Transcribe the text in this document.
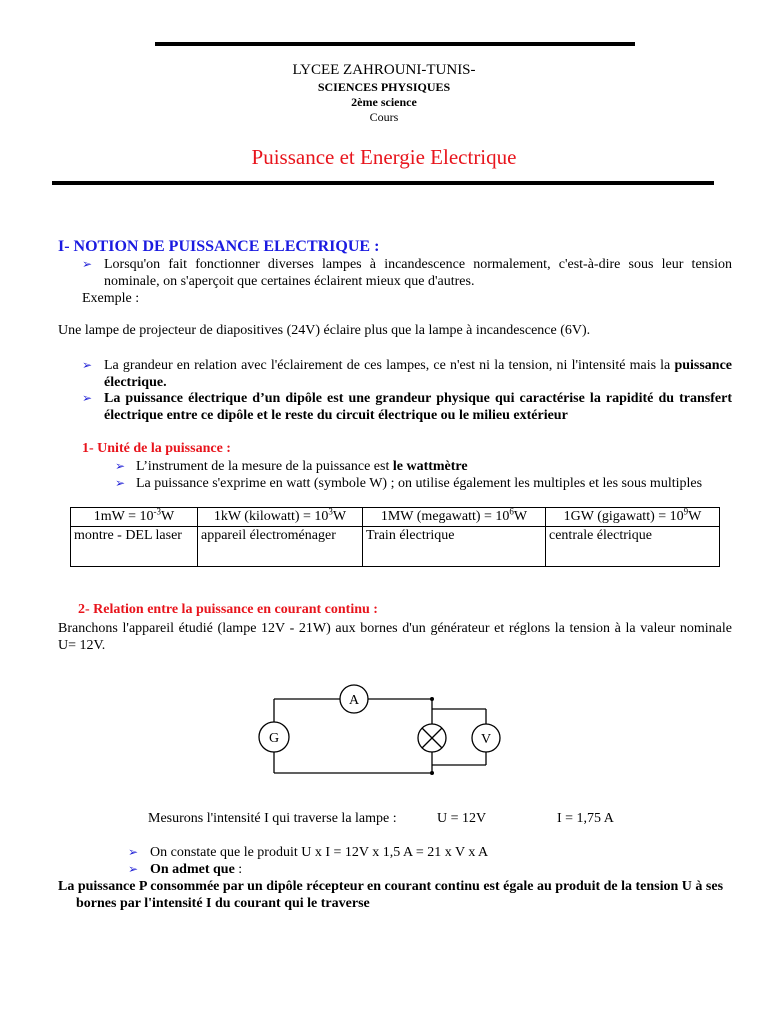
LYCEE ZAHROUNI-TUNIS-
SCIENCES PHYSIQUES
2ème science
Cours
Puissance et Energie Electrique
I- NOTION DE PUISSANCE ELECTRIQUE :
➢ Lorsqu'on fait fonctionner diverses lampes à incandescence normalement, c'est-à-dire sous leur tension nominale, on s'aperçoit que certaines éclairent mieux que d'autres.
Exemple :
Une lampe de projecteur de diapositives (24V) éclaire plus que la lampe à incandescence (6V).
➢ La grandeur en relation avec l'éclairement de ces lampes, ce n'est ni la tension, ni l'intensité mais la puissance électrique.
➢ La puissance électrique d’un dipôle est une grandeur physique qui caractérise la rapidité du transfert électrique entre ce dipôle et le reste du circuit électrique ou le milieu extérieur
1- Unité de la puissance :
➢ L’instrument de la mesure de la puissance est le wattmètre
➢ La puissance s'exprime en watt (symbole W) ; on utilise également les multiples et les sous multiples
$1mW = 10^{-3}W$	1kW (kilowatt) = $10^3W$	1MW (megawatt) = $10^6W$	1GW (gigawatt) = $10^9W$
montre - DEL laser	appareil électroménager	Train électrique	centrale électrique
2- Relation entre la puissance en courant continu :
Branchons l'appareil étudié (lampe 12V - 21W) aux bornes d'un générateur et réglons la tension à la valeur nominale U= 12V.
G
A
V
Mesurons l'intensité I qui traverse la lampe :	U = 12V	I = 1,75 A
➢ On constate que le produit U x I = 12V x 1,5 A = 21 x V x A
➢ On admet que :
La puissance P consommée par un dipôle récepteur en courant continu est égale au produit de la tension U à ses bornes par l'intensité I du courant qui le traverse
